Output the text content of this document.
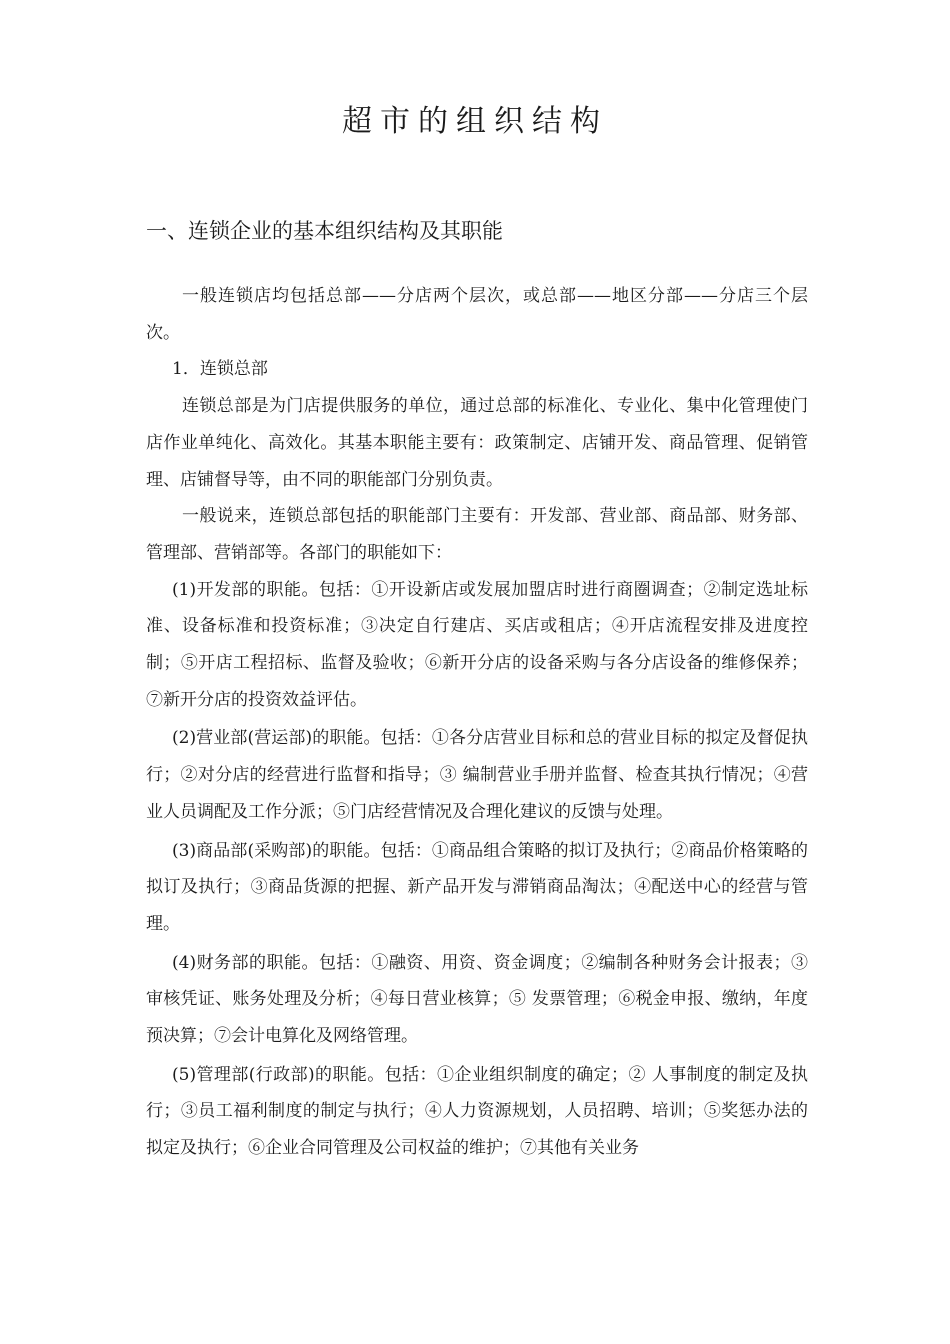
超市的组织结构
一、连锁企业的基本组织结构及其职能

一般连锁店均包括总部——分店两个层次，或总部——地区分部——分店三个层次。

1．连锁总部

连锁总部是为门店提供服务的单位，通过总部的标准化、专业化、集中化管理使门店作业单纯化、高效化。其基本职能主要有：政策制定、店铺开发、商品管理、促销管理、店铺督导等，由不同的职能部门分别负责。

一般说来，连锁总部包括的职能部门主要有：开发部、营业部、商品部、财务部、管理部、营销部等。各部门的职能如下：

(1)开发部的职能。包括：①开设新店或发展加盟店时进行商圈调查；②制定选址标准、设备标准和投资标准；③决定自行建店、买店或租店；④开店流程安排及进度控制；⑤开店工程招标、监督及验收；⑥新开分店的设备采购与各分店设备的维修保养；⑦新开分店的投资效益评估。

(2)营业部(营运部)的职能。包括：①各分店营业目标和总的营业目标的拟定及督促执行；②对分店的经营进行监督和指导；③ 编制营业手册并监督、检查其执行情况；④营业人员调配及工作分派；⑤门店经营情况及合理化建议的反馈与处理。

(3)商品部(采购部)的职能。包括：①商品组合策略的拟订及执行；②商品价格策略的拟订及执行；③商品货源的把握、新产品开发与滞销商品淘汰；④配送中心的经营与管理。

(4)财务部的职能。包括：①融资、用资、资金调度；②编制各种财务会计报表；③审核凭证、账务处理及分析；④每日营业核算；⑤ 发票管理；⑥税金申报、缴纳，年度预决算；⑦会计电算化及网络管理。

(5)管理部(行政部)的职能。包括：①企业组织制度的确定；② 人事制度的制定及执行；③员工福利制度的制定与执行；④人力资源规划，人员招聘、培训；⑤奖惩办法的拟定及执行；⑥企业合同管理及公司权益的维护；⑦其他有关业务
